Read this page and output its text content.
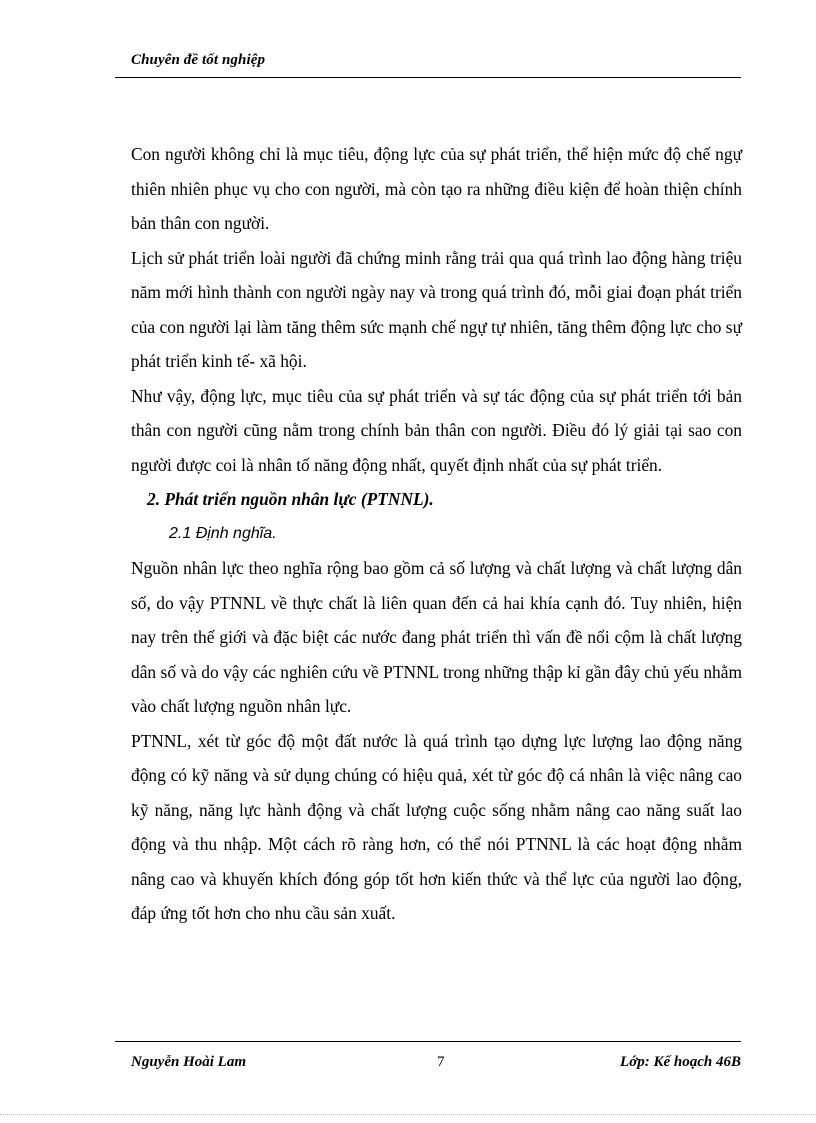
Chuyên đề tốt nghiệp

Con người không chỉ là mục tiêu, động lực của sự phát triển, thể hiện mức độ chế ngự thiên nhiên phục vụ cho con người, mà còn tạo ra những điều kiện để hoàn thiện chính bản thân con người.

Lịch sử phát triển loài người đã chứng minh rằng trải qua quá trình lao động hàng triệu năm mới hình thành con người ngày nay và trong quá trình đó, mỗi giai đoạn phát triển của con người lại làm tăng thêm sức mạnh chế ngự tự nhiên, tăng thêm động lực cho sự phát triển kinh tế- xã hội.

Như vậy, động lực, mục tiêu của sự phát triển và sự tác động của sự phát triển tới bản thân con người cũng nằm trong chính bản thân con người. Điều đó lý giải tại sao con người được coi là nhân tố năng động nhất, quyết định nhất của sự phát triển.

2. Phát triển nguồn nhân lực (PTNNL).

2.1 Định nghĩa.

Nguồn nhân lực theo nghĩa rộng bao gồm cả số lượng và chất lượng và chất lượng dân số, do vậy PTNNL về thực chất là liên quan đến cả hai khía cạnh đó. Tuy nhiên, hiện nay trên thế giới và đặc biệt các nước đang phát triển thì vấn đề nổi cộm là chất lượng dân số và do vậy các nghiên cứu về PTNNL trong những thập kỉ gần đây chủ yếu nhằm vào chất lượng nguồn nhân lực.

PTNNL, xét từ góc độ một đất nước là quá trình tạo dựng lực lượng lao động năng động có kỹ năng và sử dụng chúng có hiệu quả, xét từ góc độ cá nhân là việc nâng cao kỹ năng, năng lực hành động và chất lượng cuộc sống nhằm nâng cao năng suất lao động và thu nhập. Một cách rõ ràng hơn, có thể nói PTNNL là các hoạt động nhằm nâng cao và khuyến khích đóng góp tốt hơn kiến thức và thể lực của người lao động, đáp ứng tốt hơn cho nhu cầu sản xuất.

Nguyễn Hoài Lam	7	Lớp: Kế hoạch 46B
